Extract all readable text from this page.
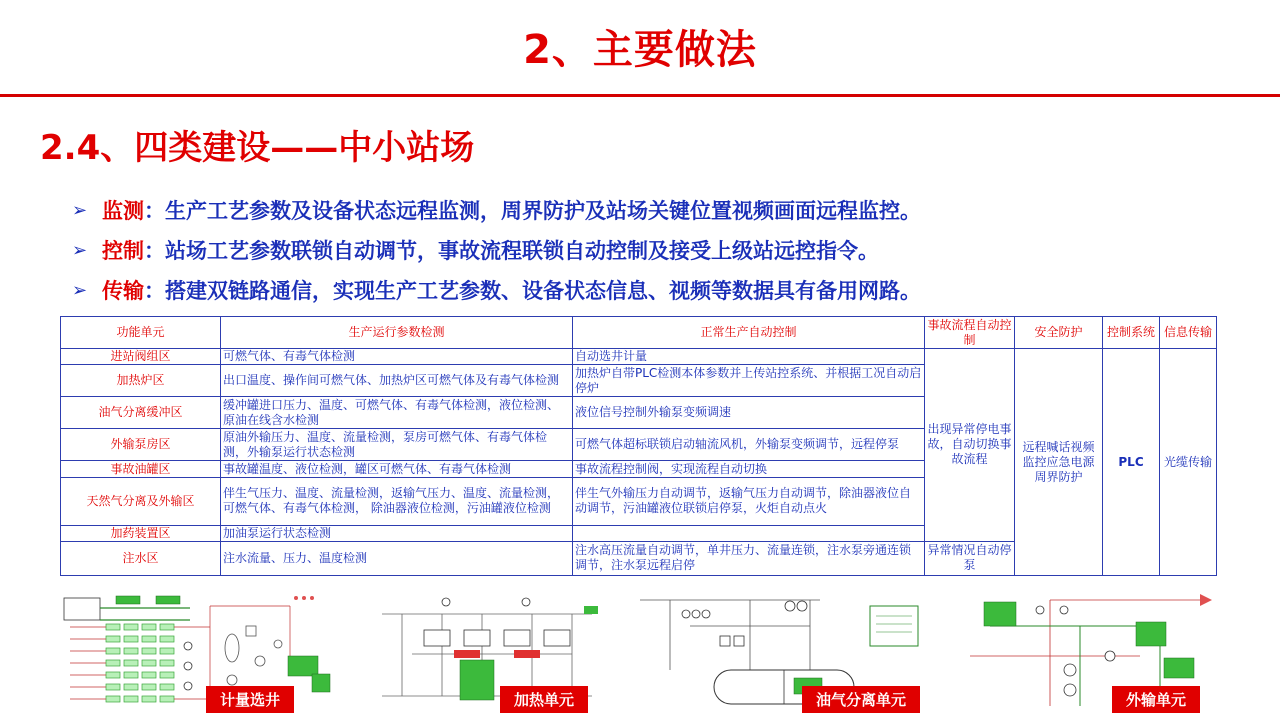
2、主要做法
2.4、四类建设——中小站场
➢ 监测 ：生产工艺参数及设备状态远程监测，周界防护及站场关键位置视频画面远程监控。
➢ 控制 ：站场工艺参数联锁自动调节，事故流程联锁自动控制及接受上级站远控指令。
➢ 传输 ：搭建双链路通信，实现生产工艺参数、设备状态信息、视频等数据具有备用网路。
功能单元	生产运行参数检测	正常生产自动控制	事故流程自动控制	安全防护	控制系统	信息传输
进站阀组区	可燃气体、有毒气体检测	自动选井计量	出现异常停电事故，自动切换事故流程	远程喊话视频监控应急电源周界防护	PLC	光缆传输
加热炉区	出口温度、操作间可燃气体、加热炉区可燃气体及有毒气体检测	加热炉自带PLC检测本体参数并上传站控系统、并根据工况自动启停炉				
油气分离缓冲区	缓冲罐进口压力、温度、可燃气体、有毒气体检测，液位检测、原油在线含水检测	液位信号控制外输泵变频调速				
外输泵房区	原油外输压力、温度、流量检测，泵房可燃气体、有毒气体检测，外输泵运行状态检测	可燃气体超标联锁启动轴流风机，外输泵变频调节，远程停泵				
事故油罐区	事故罐温度、液位检测，罐区可燃气体、有毒气体检测	事故流程控制阀，实现流程自动切换				
天然气分离及外输区	伴生气压力、温度、流量检测，返输气压力、温度、流量检测，可燃气体、有毒气体检测， 除油器液位检测，污油罐液位检测	伴生气外输压力自动调节，返输气压力自动调节，除油器液位自动调节，污油罐液位联锁启停泵，火炬自动点火				
加药装置区	加油泵运行状态检测					
注水区	注水流量、压力、温度检测	注水高压流量自动调节，单井压力、流量连锁，注水泵旁通连锁调节，注水泵远程启停	异常情况自动停泵			
计量选井	加热单元	油气分离单元	外输单元
